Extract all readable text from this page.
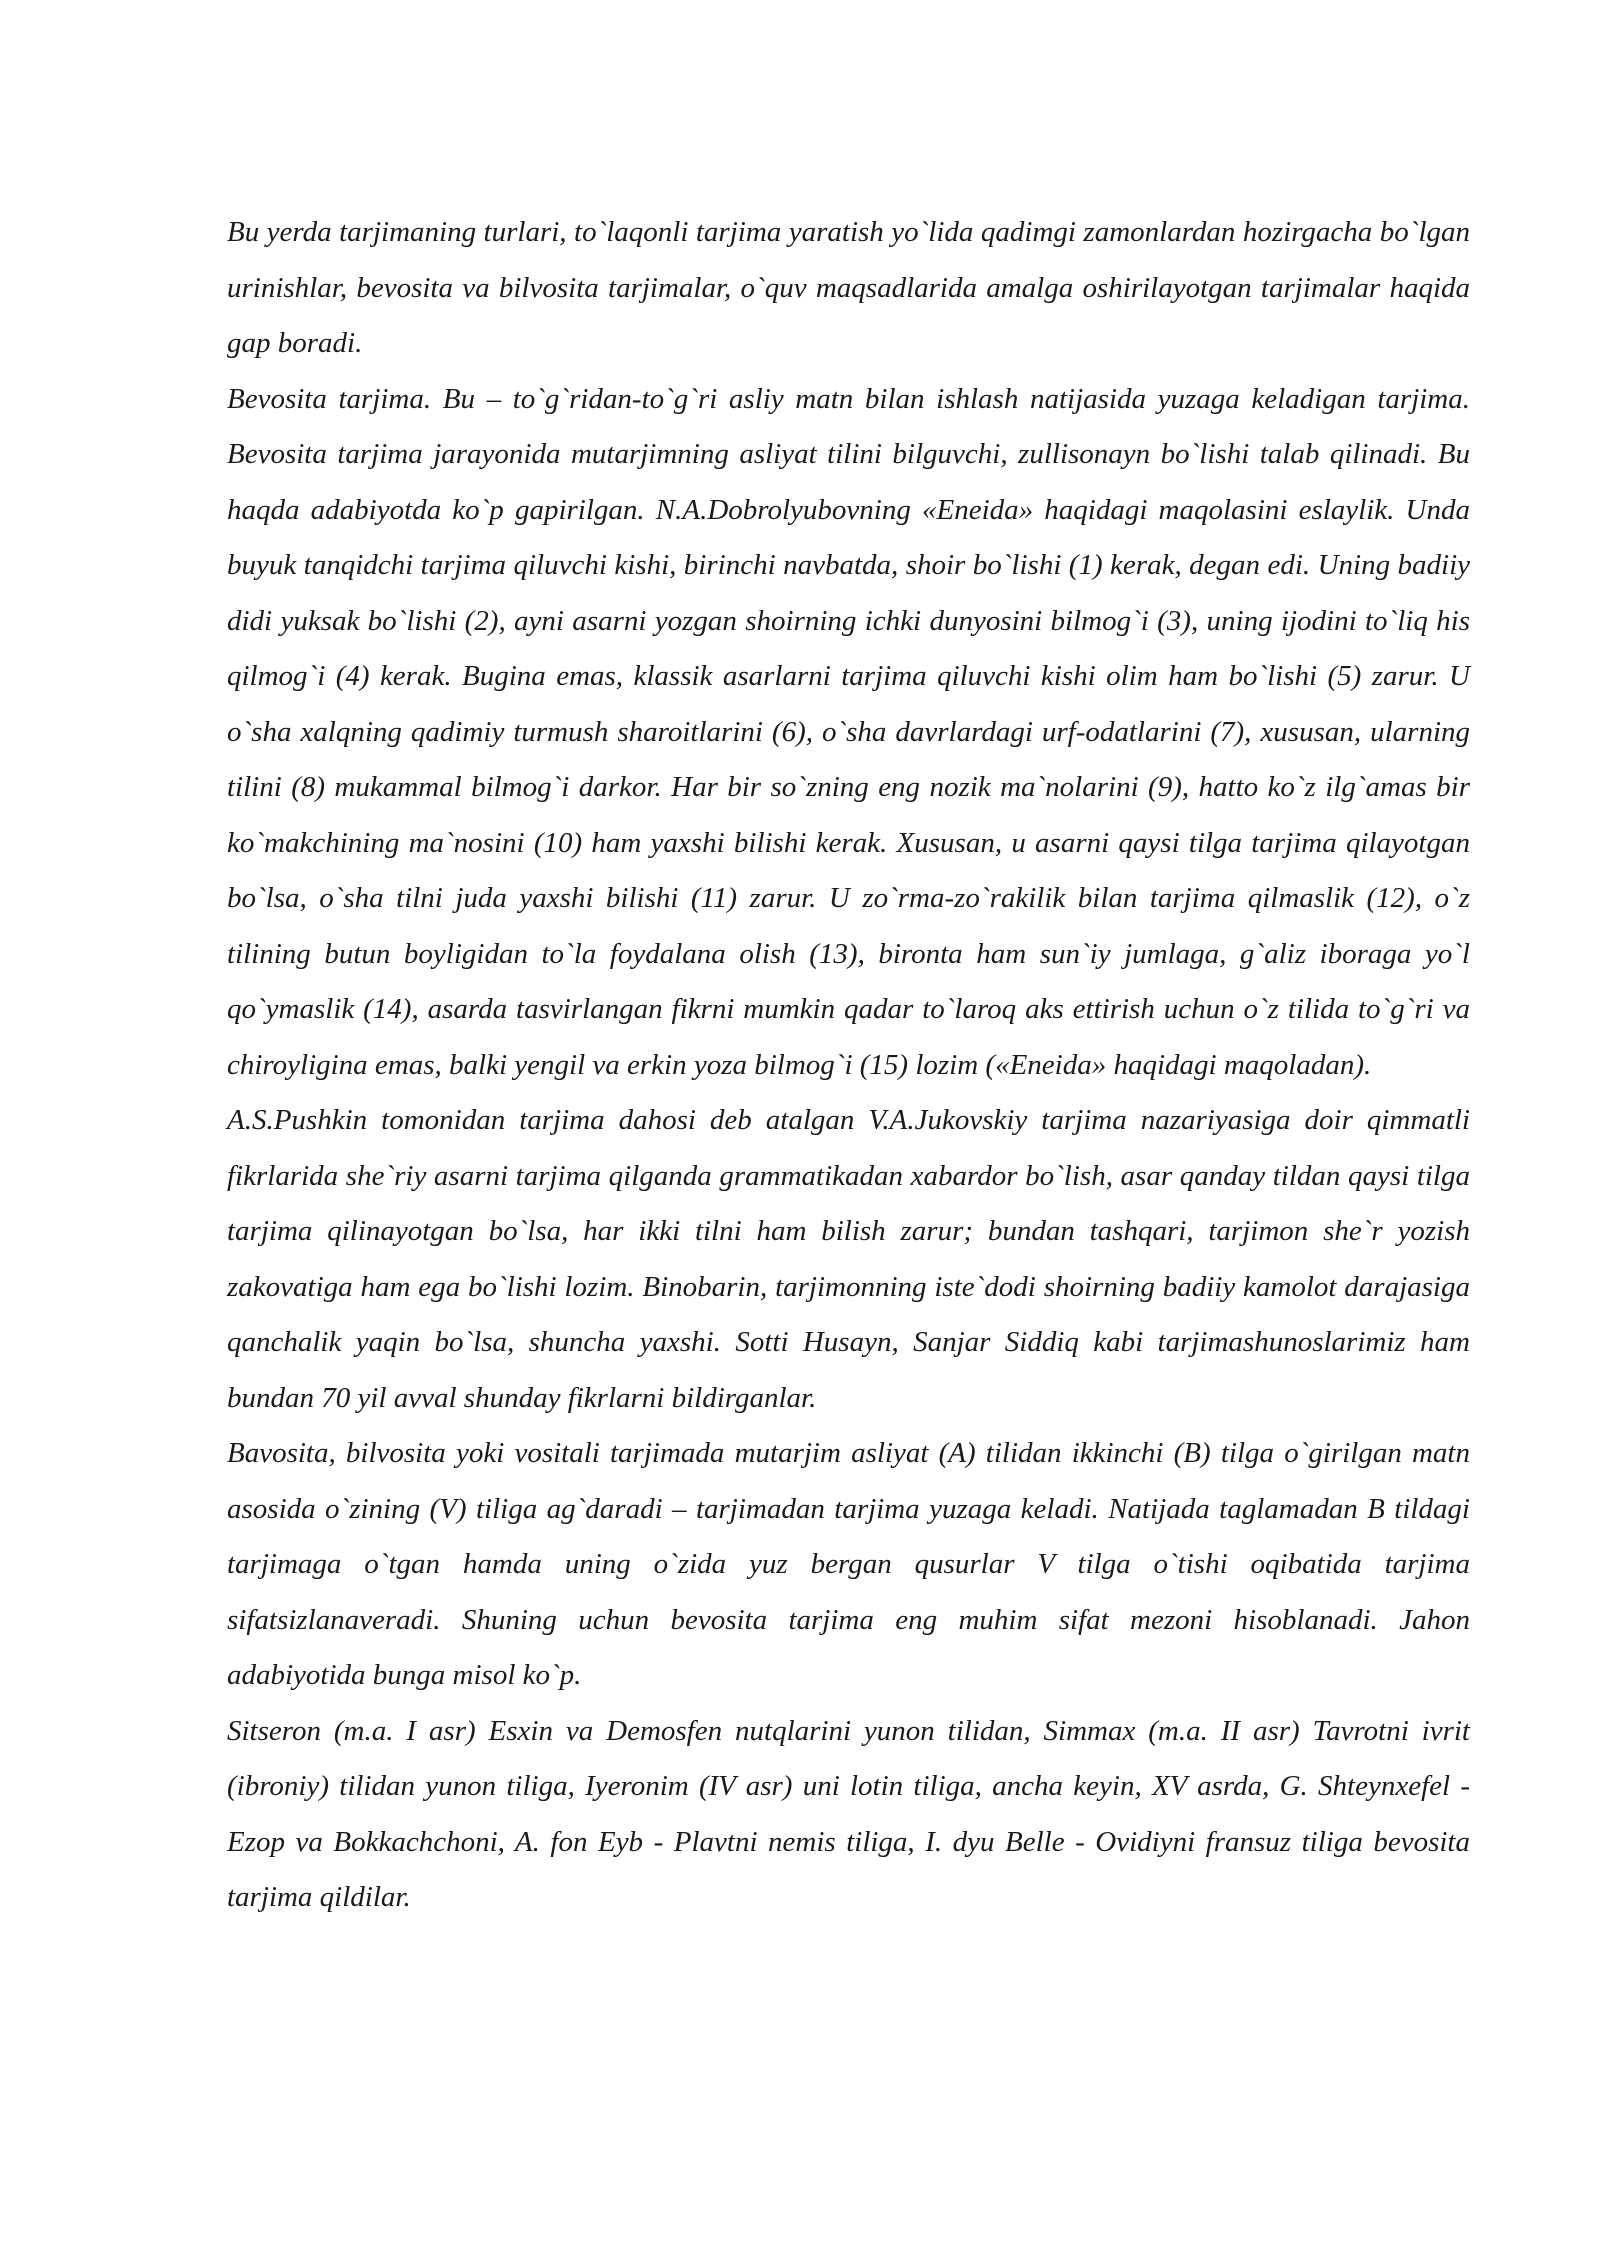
Bu yerda tarjimaning turlari, to`laqonli tarjima yaratish yo`lida qadimgi zamonlardan hozirgacha bo`lgan urinishlar, bevosita va bilvosita tarjimalar, o`quv maqsadlarida amalga oshirilayotgan tarjimalar haqida gap boradi.

Bevosita tarjima. Bu – to`g`ridan-to`g`ri asliy matn bilan ishlash natijasida yuzaga keladigan tarjima. Bevosita tarjima jarayonida mutarjimning asliyat tilini bilguvchi, zullisonayn bo`lishi talab qilinadi. Bu haqda adabiyotda ko`p gapirilgan. N.A.Dobrolyubovning «Eneida» haqidagi maqolasini eslaylik. Unda buyuk tanqidchi tarjima qiluvchi kishi, birinchi navbatda, shoir bo`lishi (1) kerak, degan edi. Uning badiiy didi yuksak bo`lishi (2), ayni asarni yozgan shoirning ichki dunyosini bilmog`i (3), uning ijodini to`liq his qilmog`i (4) kerak. Bugina emas, klassik asarlarni tarjima qiluvchi kishi olim ham bo`lishi (5) zarur. U o`sha xalqning qadimiy turmush sharoitlarini (6), o`sha davrlardagi urf-odatlarini (7), xususan, ularning tilini (8) mukammal bilmog`i darkor. Har bir so`zning eng nozik ma`nolarini (9), hatto ko`z ilg`amas bir ko`makchining ma`nosini (10) ham yaxshi bilishi kerak. Xususan, u asarni qaysi tilga tarjima qilayotgan bo`lsa, o`sha tilni juda yaxshi bilishi (11) zarur. U zo`rma-zo`rakilik bilan tarjima qilmaslik (12), o`z tilining butun boyligidan to`la foydalana olish (13), bironta ham sun`iy jumlaga, g`aliz iboraga yo`l qo`ymaslik (14), asarda tasvirlangan fikrni mumkin qadar to`laroq aks ettirish uchun o`z tilida to`g`ri va chiroyligina emas, balki yengil va erkin yoza bilmog`i (15) lozim («Eneida» haqidagi maqoladan).

A.S.Pushkin tomonidan tarjima dahosi deb atalgan V.A.Jukovskiy tarjima nazariyasiga doir qimmatli fikrlarida she`riy asarni tarjima qilganda grammatikadan xabardor bo`lish, asar qanday tildan qaysi tilga tarjima qilinayotgan bo`lsa, har ikki tilni ham bilish zarur; bundan tashqari, tarjimon she`r yozish zakovatiga ham ega bo`lishi lozim. Binobarin, tarjimonning iste`dodi shoirning badiiy kamolot darajasiga qanchalik yaqin bo`lsa, shuncha yaxshi. Sotti Husayn, Sanjar Siddiq kabi tarjimashunoslarimiz ham bundan 70 yil avval shunday fikrlarni bildirganlar.

Bavosita, bilvosita yoki vositali tarjimada mutarjim asliyat (A) tilidan ikkinchi (B) tilga o`girilgan matn asosida o`zining (V) tiliga ag`daradi – tarjimadan tarjima yuzaga keladi. Natijada taglamadan B tildagi tarjimaga o`tgan hamda uning o`zida yuz bergan qusurlar V tilga o`tishi oqibatida tarjima sifatsizlanaveradi. Shuning uchun bevosita tarjima eng muhim sifat mezoni hisoblanadi. Jahon adabiyotida bunga misol ko`p.

Sitseron (m.a. I asr) Esxin va Demosfen nutqlarini yunon tilidan, Simmax (m.a. II asr) Tavrotni ivrit (ibroniy) tilidan yunon tiliga, Iyeronim (IV asr) uni lotin tiliga, ancha keyin, XV asrda, G. Shteynxefel - Ezop va Bokkachchoni, A. fon Eyb - Plavtni nemis tiliga, I. dyu Belle - Ovidiyni fransuz tiliga bevosita tarjima qildilar.
